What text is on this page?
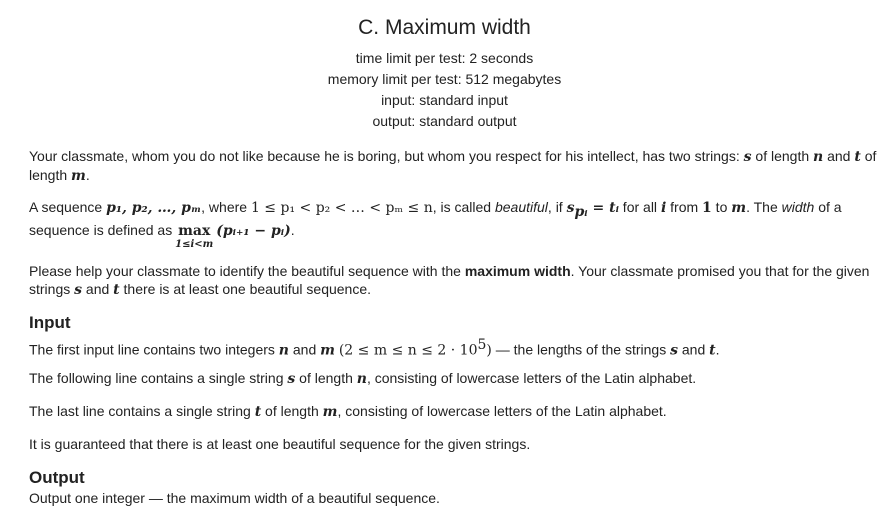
C. Maximum width
time limit per test: 2 seconds
memory limit per test: 512 megabytes
input: standard input
output: standard output
Your classmate, whom you do not like because he is boring, but whom you respect for his intellect, has two strings: s of length n and t of
length m.
A sequence p₁, p₂, …, pₘ, where 1 ≤ p₁ < p₂ < … < pₘ ≤ n, is called beautiful, if $s_{pᵢ}$ = tᵢ for all i from 1 to m. The width of a
sequence is defined as max
1≤i<m
(pᵢ₊₁ − pᵢ).
Please help your classmate to identify the beautiful sequence with the maximum width. Your classmate promised you that for the given
strings s and t there is at least one beautiful sequence.
Input
The first input line contains two integers n and m $(2 \le m \le n \le 2 \cdot 10^5)$ — the lengths of the strings s and t.
The following line contains a single string s of length n, consisting of lowercase letters of the Latin alphabet.
The last line contains a single string t of length m, consisting of lowercase letters of the Latin alphabet.
It is guaranteed that there is at least one beautiful sequence for the given strings.
Output
Output one integer — the maximum width of a beautiful sequence.
